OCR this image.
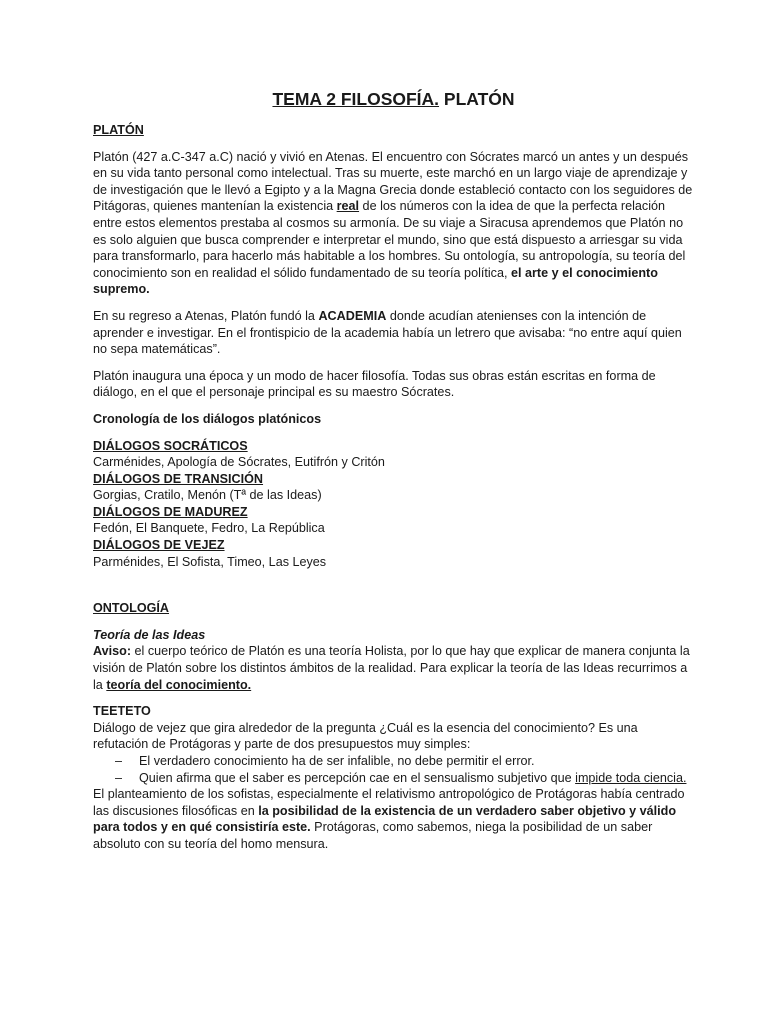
TEMA 2 FILOSOFÍA. PLATÓN
PLATÓN

Platón (427 a.C-347 a.C) nació y vivió en Atenas. El encuentro con Sócrates marcó un antes y un después en su vida tanto personal como intelectual. Tras su muerte, este marchó en un largo viaje de aprendizaje y de investigación que le llevó a Egipto y a la Magna Grecia donde estableció contacto con los seguidores de Pitágoras, quienes mantenían la existencia real de los números con la idea de que la perfecta relación entre estos elementos prestaba al cosmos su armonía. De su viaje a Siracusa aprendemos que Platón no es solo alguien que busca comprender e interpretar el mundo, sino que está dispuesto a arriesgar su vida para transformarlo, para hacerlo más habitable a los hombres. Su ontología, su antropología, su teoría del conocimiento son en realidad el sólido fundamentado de su teoría política, el arte y el conocimiento supremo.

En su regreso a Atenas, Platón fundó la ACADEMIA donde acudían atenienses con la intención de aprender e investigar. En el frontispicio de la academia había un letrero que avisaba: “no entre aquí quien no sepa matemáticas”.

Platón inaugura una época y un modo de hacer filosofía. Todas sus obras están escritas en forma de diálogo, en el que el personaje principal es su maestro Sócrates.

Cronología de los diálogos platónicos

DIÁLOGOS SOCRÁTICOS
Carménides, Apología de Sócrates, Eutifrón y Critón
DIÁLOGOS DE TRANSICIÓN
Gorgias, Cratilo, Menón (Tª de las Ideas)
DIÁLOGOS DE MADUREZ
Fedón, El Banquete, Fedro, La República
DIÁLOGOS DE VEJEZ
Parménides, El Sofista, Timeo, Las Leyes
ONTOLOGÍA
Teoría de las Ideas

Aviso: el cuerpo teórico de Platón es una teoría Holista, por lo que hay que explicar de manera conjunta la visión de Platón sobre los distintos ámbitos de la realidad. Para explicar la teoría de las Ideas recurrimos a la teoría del conocimiento.

TEETETO
Diálogo de vejez que gira alrededor de la pregunta ¿Cuál es la esencia del conocimiento? Es una refutación de Protágoras y parte de dos presupuestos muy simples:
– El verdadero conocimiento ha de ser infalible, no debe permitir el error.
– Quien afirma que el saber es percepción cae en el sensualismo subjetivo que impide toda ciencia.
El planteamiento de los sofistas, especialmente el relativismo antropológico de Protágoras había centrado las discusiones filosóficas en la posibilidad de la existencia de un verdadero saber objetivo y válido para todos y en qué consistiría este. Protágoras, como sabemos, niega la posibilidad de un saber absoluto con su teoría del homo mensura.
